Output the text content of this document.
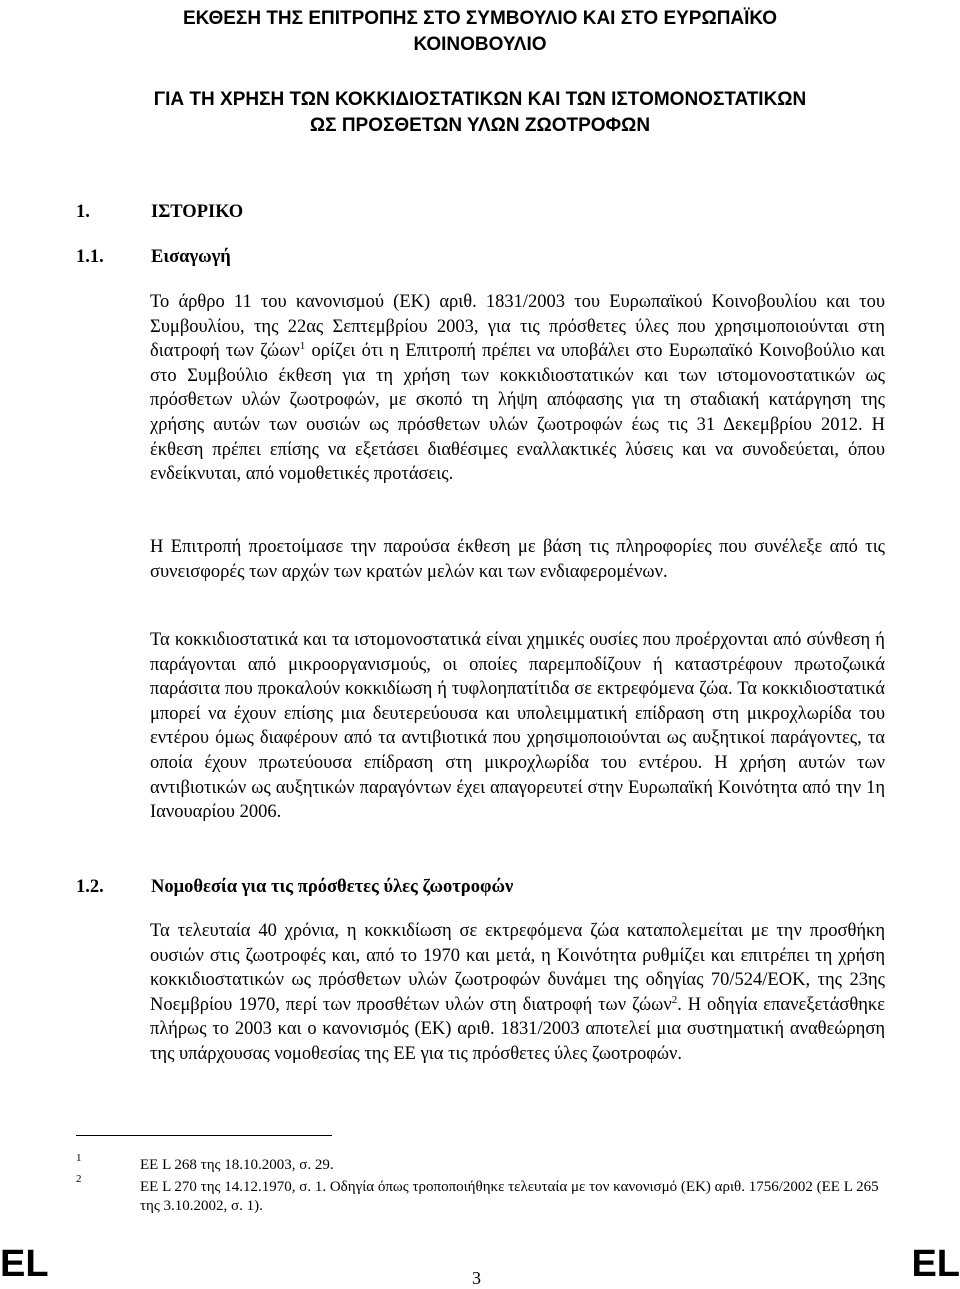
ΕΚΘΕΣΗ ΤΗΣ ΕΠΙΤΡΟΠΗΣ ΣΤΟ ΣΥΜΒΟΥΛΙΟ ΚΑΙ ΣΤΟ ΕΥΡΩΠΑΪΚΟ
ΚΟΙΝΟΒΟΥΛΙΟ
ΓΙΑ ΤΗ ΧΡΗΣΗ ΤΩΝ ΚΟΚΚΙΔΙΟΣΤΑΤΙΚΩΝ ΚΑΙ ΤΩΝ ΙΣΤΟΜΟΝΟΣΤΑΤΙΚΩΝ
ΩΣ ΠΡΟΣΘΕΤΩΝ ΥΛΩΝ ΖΩΟΤΡΟΦΩΝ
1.	ΙΣΤΟΡΙΚΟ
1.1.	Εισαγωγή

Το άρθρο 11 του κανονισμού (ΕΚ) αριθ. 1831/2003 του Ευρωπαϊκού Κοινοβουλίου και του Συμβουλίου, της 22ας Σεπτεμβρίου 2003, για τις πρόσθετες ύλες που χρησιμοποιούνται στη διατροφή των ζώων$^1$ ορίζει ότι η Επιτροπή πρέπει να υποβάλει στο Ευρωπαϊκό Κοινοβούλιο και στο Συμβούλιο έκθεση για τη χρήση των κοκκιδιοστατικών και των ιστομονοστατικών ως πρόσθετων υλών ζωοτροφών, με σκοπό τη λήψη απόφασης για τη σταδιακή κατάργηση της χρήσης αυτών των ουσιών ως πρόσθετων υλών ζωοτροφών έως τις 31 Δεκεμβρίου 2012. Η έκθεση πρέπει επίσης να εξετάσει διαθέσιμες εναλλακτικές λύσεις και να συνοδεύεται, όπου ενδείκνυται, από νομοθετικές προτάσεις.

Η Επιτροπή προετοίμασε την παρούσα έκθεση με βάση τις πληροφορίες που συνέλεξε από τις συνεισφορές των αρχών των κρατών μελών και των ενδιαφερομένων.

Τα κοκκιδιοστατικά και τα ιστομονοστατικά είναι χημικές ουσίες που προέρχονται από σύνθεση ή παράγονται από μικροοργανισμούς, οι οποίες παρεμποδίζουν ή καταστρέφουν πρωτοζωικά παράσιτα που προκαλούν κοκκιδίωση ή τυφλοηπατίτιδα σε εκτρεφόμενα ζώα. Τα κοκκιδιοστατικά μπορεί να έχουν επίσης μια δευτερεύουσα και υπολειμματική επίδραση στη μικροχλωρίδα του εντέρου όμως διαφέρουν από τα αντιβιοτικά που χρησιμοποιούνται ως αυξητικοί παράγοντες, τα οποία έχουν πρωτεύουσα επίδραση στη μικροχλωρίδα του εντέρου. Η χρήση αυτών των αντιβιοτικών ως αυξητικών παραγόντων έχει απαγορευτεί στην Ευρωπαϊκή Κοινότητα από την 1η Ιανουαρίου 2006.

1.2.	Νομοθεσία για τις πρόσθετες ύλες ζωοτροφών

Τα τελευταία 40 χρόνια, η κοκκιδίωση σε εκτρεφόμενα ζώα καταπολεμείται με την προσθήκη ουσιών στις ζωοτροφές και, από το 1970 και μετά, η Κοινότητα ρυθμίζει και επιτρέπει τη χρήση κοκκιδιοστατικών ως πρόσθετων υλών ζωοτροφών δυνάμει της οδηγίας 70/524/ΕΟΚ, της 23ης Νοεμβρίου 1970, περί των προσθέτων υλών στη διατροφή των ζώων$^2$. Η οδηγία επανεξετάσθηκε πλήρως το 2003 και ο κανονισμός (ΕΚ) αριθ. 1831/2003 αποτελεί μια συστηματική αναθεώρηση της υπάρχουσας νομοθεσίας της ΕΕ για τις πρόσθετες ύλες ζωοτροφών.

1	ΕΕ L 268 της 18.10.2003, σ. 29.
2	ΕΕ L 270 της 14.12.1970, σ. 1. Οδηγία όπως τροποποιήθηκε τελευταία με τον κανονισμό (ΕΚ) αριθ. 1756/2002 (ΕΕ L 265 της 3.10.2002, σ. 1).
EL	3	EL
